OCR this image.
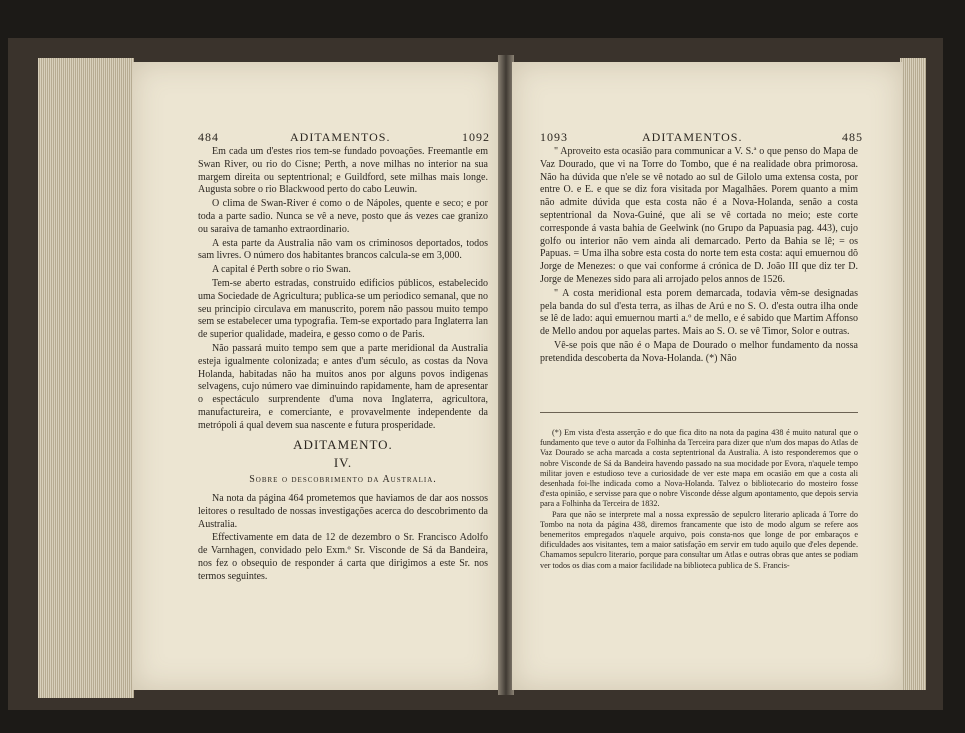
484	ADITAMENTOS.	1092

Em cada um d'estes rios tem-se fundado povoações. Freemantle em Swan River, ou rio do Cisne; Perth, a nove milhas no interior na sua margem direita ou septentrional; e Guildford, sete milhas mais longe. Augusta sobre o rio Blackwood perto do cabo Leuwin.

O clima de Swan-River é como o de Nápoles, quente e seco; e por toda a parte sadio. Nunca se vê a neve, posto que ás vezes cae granizo ou saraiva de tamanho extraordinario.

A esta parte da Australia não vam os criminosos deportados, todos sam livres. O número dos habitantes brancos calcula-se em 3,000.

A capital é Perth sobre o rio Swan.

Tem-se aberto estradas, construido edificios públicos, estabelecido uma Sociedade de Agricultura; publica-se um periodico semanal, que no seu principio circulava em manuscrito, porem não passou muito tempo sem se estabelecer uma typografia. Tem-se exportado para Inglaterra lan de superior qualidade, madeira, e gesso como o de Paris.

Não passará muito tempo sem que a parte meridional da Australia esteja igualmente colonizada; e antes d'um século, as costas da Nova Holanda, habitadas não ha muitos anos por alguns povos indigenas selvagens, cujo número vae diminuindo rapidamente, ham de apresentar o espectáculo surprendente d'uma nova Inglaterra, agricultora, manufactureira, e comerciante, e provavelmente independente da metrópoli á qual devem sua nascente e futura prosperidade.

ADITAMENTO.

IV.

Sobre o descobrimento da Australia.

Na nota da página 464 prometemos que haviamos de dar aos nossos leitores o resultado de nossas investigações acerca do descobrimento da Australia.

Effectivamente em data de 12 de dezembro o Sr. Francisco Adolfo de Varnhagen, convidado pelo Exm.º Sr. Visconde de Sá da Bandeira, nos fez o obsequio de responder á carta que dirigimos a este Sr. nos termos seguintes.

1093	ADITAMENTOS.	485

" Aproveito esta ocasião para communicar a V. S.ª o que penso do Mapa de Vaz Dourado, que vi na Torre do Tombo, que é na realidade obra primorosa. Não ha dúvida que n'ele se vê notado ao sul de Gilolo uma extensa costa, por entre O. e E. e que se diz fora visitada por Magalhães. Porem quanto a mim não admite dúvida que esta costa não é a Nova-Holanda, senão a costa septentrional da Nova-Guiné, que ali se vê cortada no meio; este corte corresponde á vasta bahia de Geelwink (no Grupo da Papuasia pag. 443), cujo golfo ou interior não vem ainda ali demarcado. Perto da Bahia se lê; = os Papuas. = Uma ilha sobre esta costa do norte tem esta costa: aqui emuernou dõ Jorge de Menezes: o que vai conforme á crónica de D. João III que diz ter D. Jorge de Menezes sido para ali arrojado pelos annos de 1526.

" A costa meridional esta porem demarcada, todavia vêm-se designadas pela banda do sul d'esta terra, as ilhas de Arú e no S. O. d'esta outra ilha onde se lê de lado: aqui emuernou marti a.º de mello, e é sabido que Martim Affonso de Mello andou por aquelas partes. Mais ao S. O. se vê Timor, Solor e outras.

Vê-se pois que não é o Mapa de Dourado o melhor fundamento da nossa pretendida descoberta da Nova-Holanda. (*) Não

(*) Em vista d'esta asserção e do que fica dito na nota da pagina 438 é muito natural que o fundamento que teve o autor da Folhinha da Terceira para dizer que n'um dos mapas do Atlas de Vaz Dourado se acha marcada a costa septentrional da Australia. A isto responderemos que o nobre Visconde de Sá da Bandeira havendo passado na sua mocidade por Evora, n'aquele tempo militar joven e estudioso teve a curiosidade de ver este mapa em ocasião em que a costa ali desenhada foi-lhe indicada como a Nova-Holanda. Talvez o bibliotecario do mosteiro fosse d'esta opinião, e servisse para que o nobre Visconde désse algum apontamento, que depois servia para a Folhinha da Terceira de 1832.

Para que não se interprete mal a nossa expressão de sepulcro literario aplicada á Torre do Tombo na nota da página 438, diremos francamente que isto de modo algum se refere aos benemeritos empregados n'aquele arquivo, pois consta-nos que longe de por embaraços e dificuldades aos visitantes, tem a maior satisfação em servir em tudo aquilo que d'eles depende. Chamamos sepulcro literario, porque para consultar um Atlas e outras obras que antes se podiam ver todos os dias com a maior facilidade na biblioteca publica de S. Francis-
